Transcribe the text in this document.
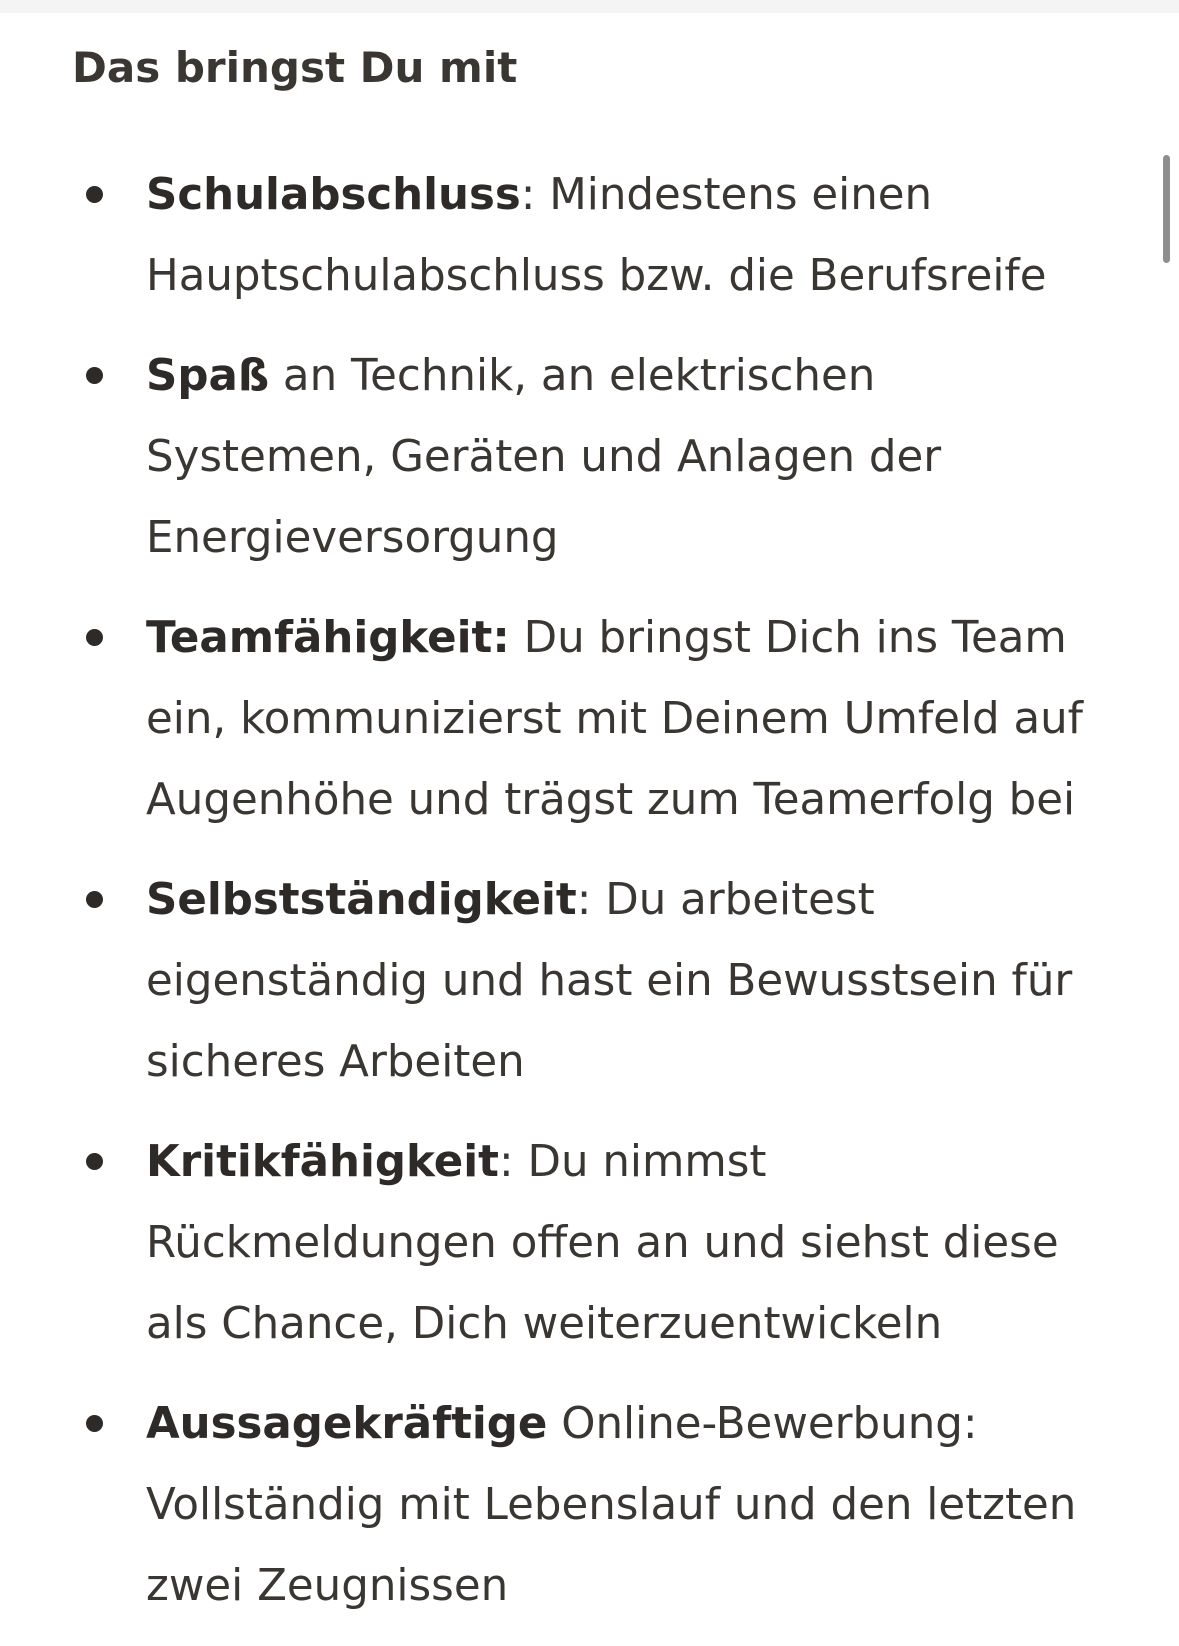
Das bringst Du mit
Schulabschluss: Mindestens einen Hauptschulabschluss bzw. die Berufsreife
Spaß an Technik, an elektrischen Systemen, Geräten und Anlagen der Energieversorgung
Teamfähigkeit: Du bringst Dich ins Team ein, kommunizierst mit Deinem Umfeld auf Augenhöhe und trägst zum Teamerfolg bei
Selbstständigkeit: Du arbeitest eigenständig und hast ein Bewusstsein für sicheres Arbeiten
Kritikfähigkeit: Du nimmst Rückmeldungen offen an und siehst diese als Chance, Dich weiterzuentwickeln
Aussagekräftige Online-Bewerbung: Vollständig mit Lebenslauf und den letzten zwei Zeugnissen
